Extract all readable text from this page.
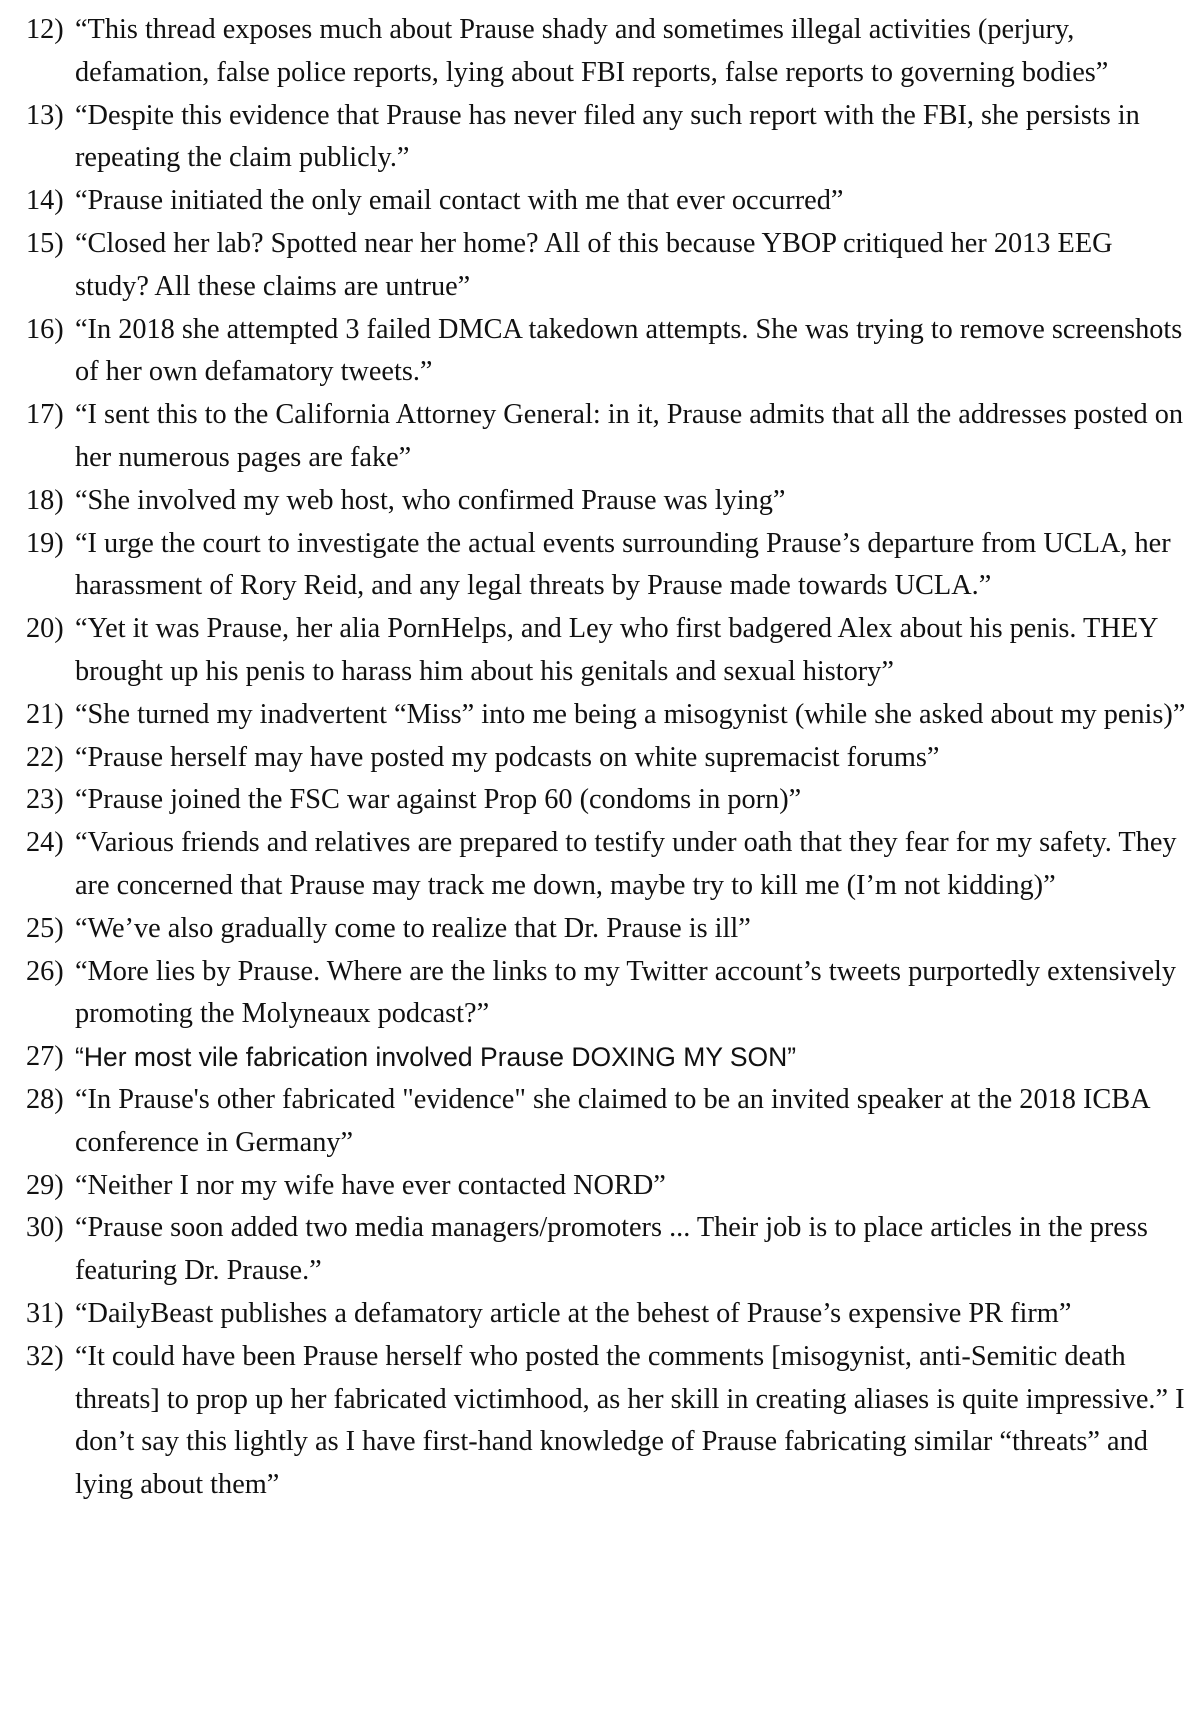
12) “This thread exposes much about Prause shady and sometimes illegal activities (perjury, defamation, false police reports, lying about FBI reports, false reports to governing bodies”
13) “Despite this evidence that Prause has never filed any such report with the FBI, she persists in repeating the claim publicly.”
14) “Prause initiated the only email contact with me that ever occurred”
15) “Closed her lab? Spotted near her home? All of this because YBOP critiqued her 2013 EEG study? All these claims are untrue”
16) “In 2018 she attempted 3 failed DMCA takedown attempts. She was trying to remove screenshots of her own defamatory tweets.”
17) “I sent this to the California Attorney General: in it, Prause admits that all the addresses posted on her numerous pages are fake”
18) “She involved my web host, who confirmed Prause was lying”
19) “I urge the court to investigate the actual events surrounding Prause’s departure from UCLA, her harassment of Rory Reid, and any legal threats by Prause made towards UCLA.”
20) “Yet it was Prause, her alia PornHelps, and Ley who first badgered Alex about his penis. THEY brought up his penis to harass him about his genitals and sexual history”
21) “She turned my inadvertent “Miss” into me being a misogynist (while she asked about my penis)”
22) “Prause herself may have posted my podcasts on white supremacist forums”
23) “Prause joined the FSC war against Prop 60 (condoms in porn)”
24) “Various friends and relatives are prepared to testify under oath that they fear for my safety. They are concerned that Prause may track me down, maybe try to kill me (I’m not kidding)”
25) “We’ve also gradually come to realize that Dr. Prause is ill”
26) “More lies by Prause. Where are the links to my Twitter account’s tweets purportedly extensively promoting the Molyneaux podcast?”
27) “Her most vile fabrication involved Prause DOXING MY SON”
28) “In Prause's other fabricated "evidence" she claimed to be an invited speaker at the 2018 ICBA conference in Germany”
29) “Neither I nor my wife have ever contacted NORD”
30) “Prause soon added two media managers/promoters ... Their job is to place articles in the press featuring Dr. Prause.”
31) “DailyBeast publishes a defamatory article at the behest of Prause’s expensive PR firm”
32) “It could have been Prause herself who posted the comments [misogynist, anti-Semitic death threats] to prop up her fabricated victimhood, as her skill in creating aliases is quite impressive.” I don’t say this lightly as I have first-hand knowledge of Prause fabricating similar “threats” and lying about them”
